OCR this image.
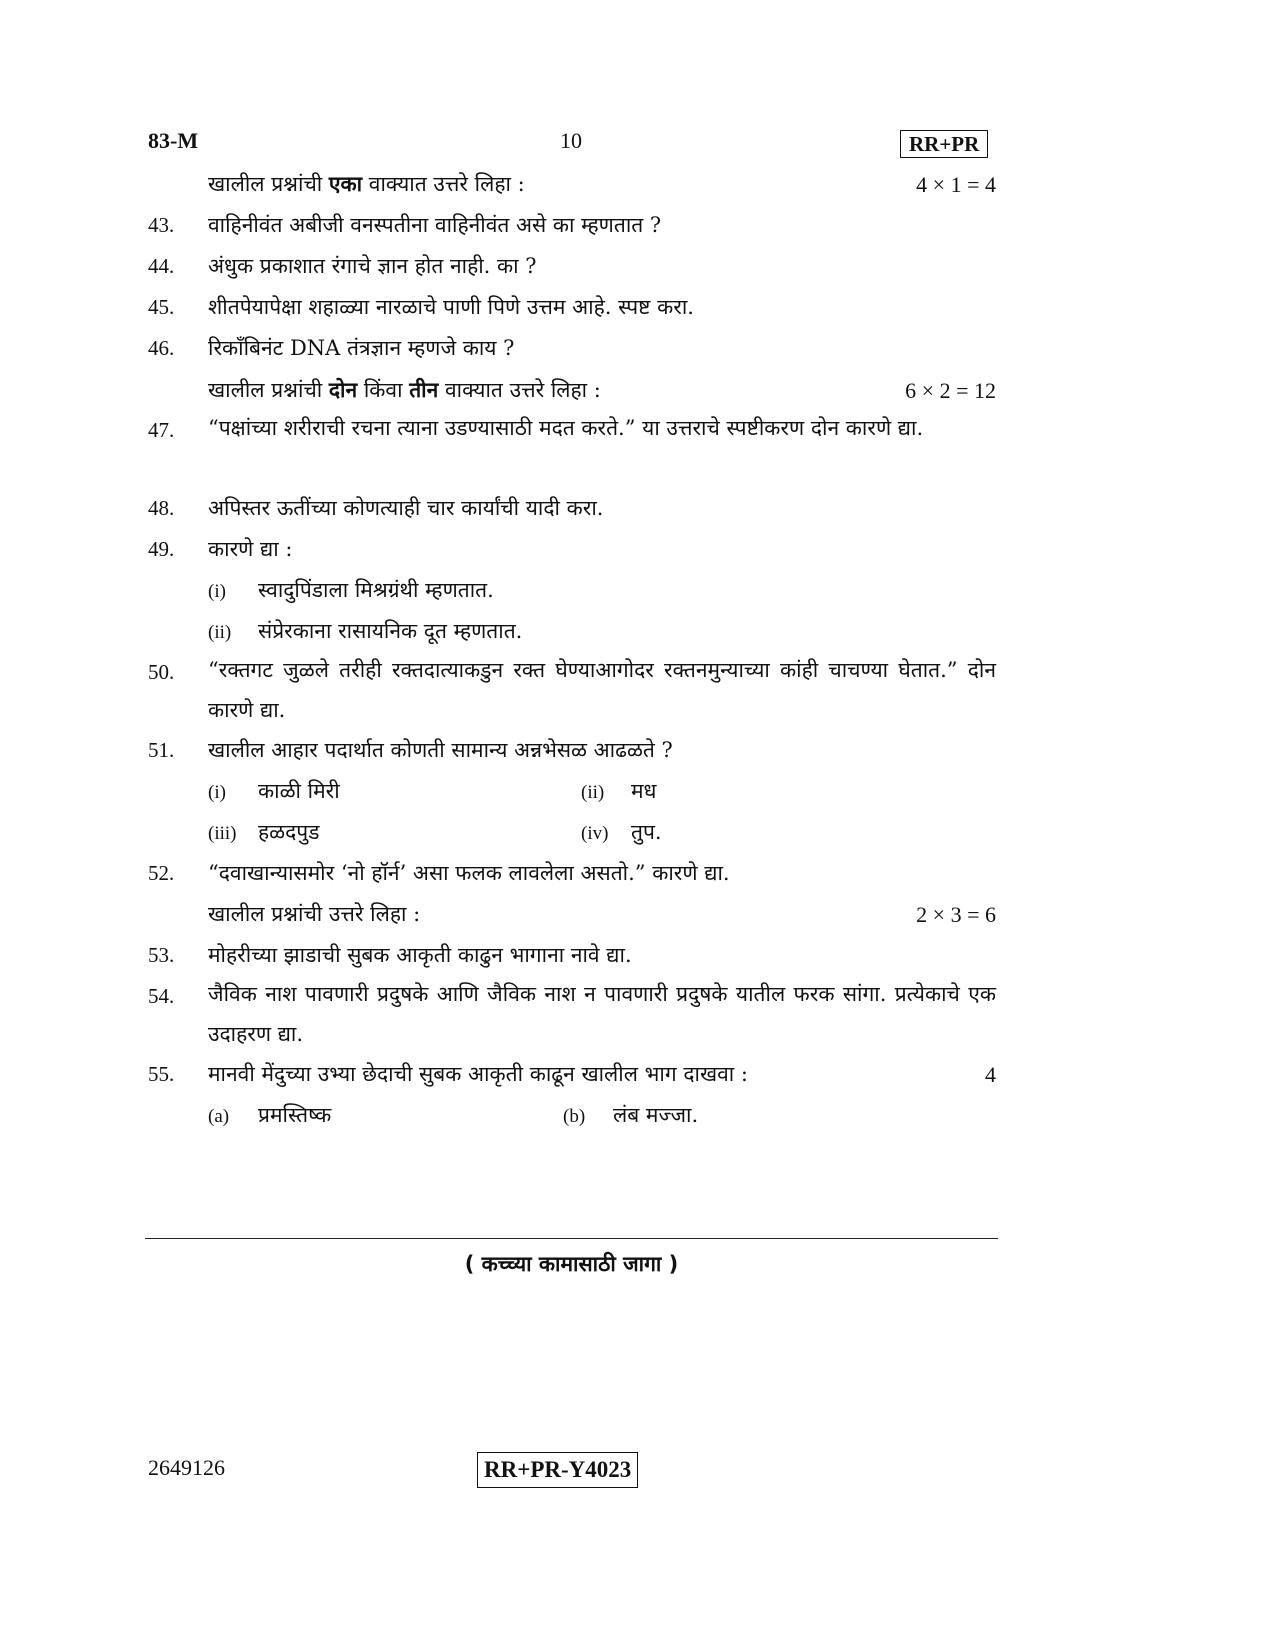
83-M	10	RR+PR
खालील प्रश्नांची एका वाक्यात उत्तरे लिहा :	4 × 1 = 4
43. वाहिनीवंत अबीजी वनस्पतीना वाहिनीवंत असे का म्हणतात ?
44. अंधुक प्रकाशात रंगाचे ज्ञान होत नाही. का ?
45. शीतपेयापेक्षा शहाळ्या नारळाचे पाणी पिणे उत्तम आहे. स्पष्ट करा.
46. रिकॉंबिनंट DNA तंत्रज्ञान म्हणजे काय ?
खालील प्रश्नांची दोन किंवा तीन वाक्यात उत्तरे लिहा :	6 × 2 = 12
47. “पक्षांच्या शरीराची रचना त्याना उडण्यासाठी मदत करते.” या उत्तराचे स्पष्टीकरण दोन कारणे द्या.
48. अपिस्तर ऊतींच्या कोणत्याही चार कार्यांची यादी करा.
49. कारणे द्या :
(i) स्वादुपिंडाला मिश्रग्रंथी म्हणतात.
(ii) संप्रेरकाना रासायनिक दूत म्हणतात.
50. “रक्तगट जुळले तरीही रक्तदात्याकडुन रक्त घेण्याआगोदर रक्तनमुन्याच्या कांही चाचण्या घेतात.” दोन कारणे द्या.
51. खालील आहार पदार्थात कोणती सामान्य अन्नभेसळ आढळते ?
(i) काळी मिरी	(ii) मध
(iii) हळदपुड	(iv) तुप.
52. “दवाखान्यासमोर ‘नो हॉर्न’ असा फलक लावलेला असतो.” कारणे द्या.
खालील प्रश्नांची उत्तरे लिहा :	2 × 3 = 6
53. मोहरीच्या झाडाची सुबक आकृती काढुन भागाना नावे द्या.
54. जैविक नाश पावणारी प्रदुषके आणि जैविक नाश न पावणारी प्रदुषके यातील फरक सांगा. प्रत्येकाचे एक उदाहरण द्या.
55. मानवी मेंदुच्या उभ्या छेदाची सुबक आकृती काढून खालील भाग दाखवा :	4
(a) प्रमस्तिष्क	(b) लंब मज्जा.
( कच्च्या कामासाठी जागा )
2649126	RR+PR-Y4023
